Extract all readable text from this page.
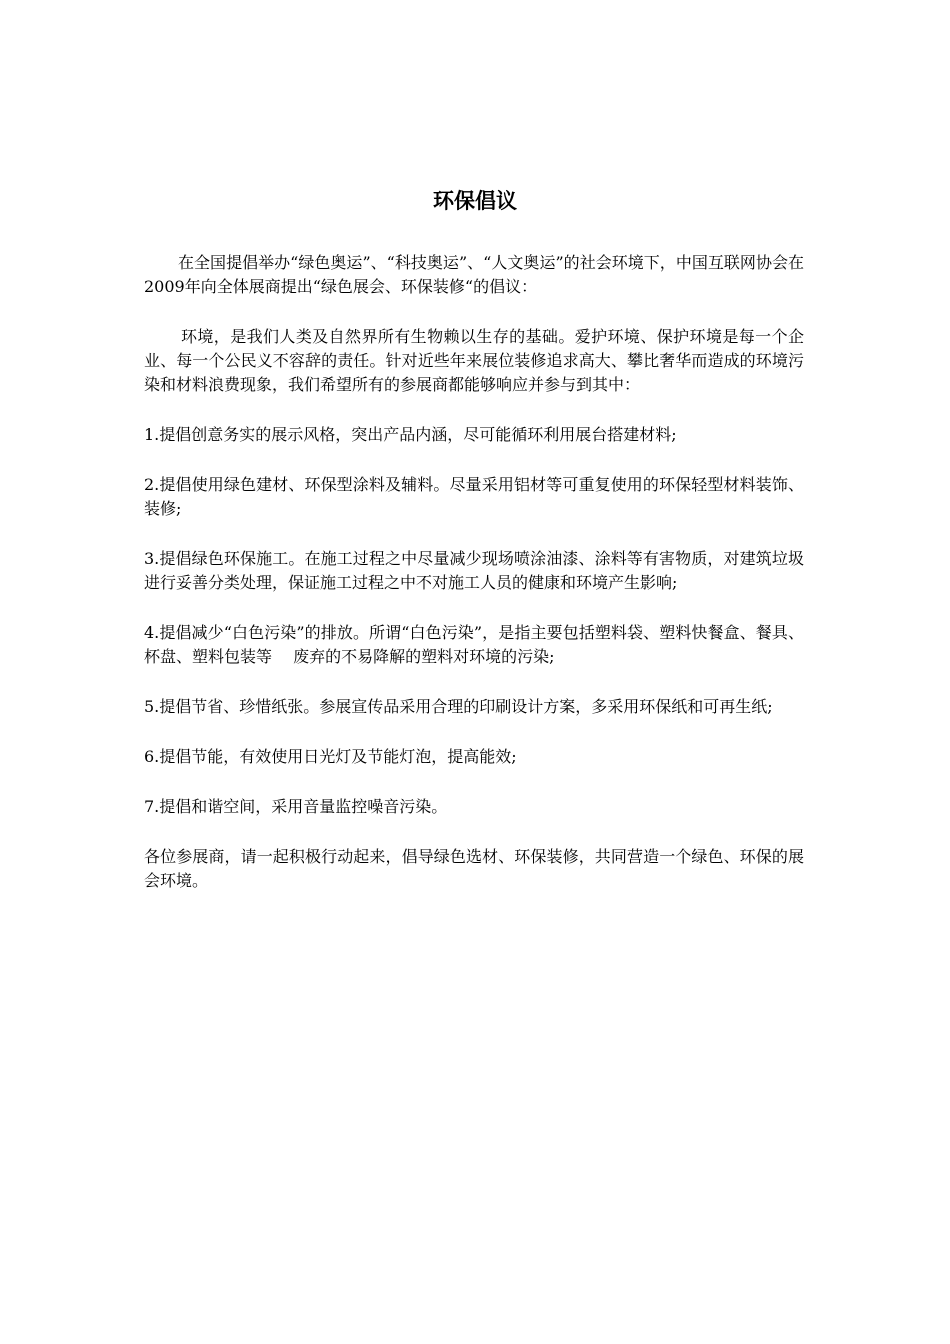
环保倡议

在全国提倡举办“绿色奥运”、“科技奥运”、“人文奥运”的社会环境下，中国互联网协会在2009年向全体展商提出“绿色展会、环保装修“的倡议：

环境，是我们人类及自然界所有生物赖以生存的基础。爱护环境、保护环境是每一个企业、每一个公民义不容辞的责任。针对近些年来展位装修追求高大、攀比奢华而造成的环境污染和材料浪费现象，我们希望所有的参展商都能够响应并参与到其中：

1.提倡创意务实的展示风格，突出产品内涵，尽可能循环利用展台搭建材料;

2.提倡使用绿色建材、环保型涂料及辅料。尽量采用铝材等可重复使用的环保轻型材料装饰、装修;

3.提倡绿色环保施工。在施工过程之中尽量减少现场喷涂油漆、涂料等有害物质，对建筑垃圾进行妥善分类处理，保证施工过程之中不对施工人员的健康和环境产生影响;

4.提倡减少“白色污染”的排放。所谓“白色污染”，是指主要包括塑料袋、塑料快餐盒、餐具、杯盘、塑料包装等　 废弃的不易降解的塑料对环境的污染;

5.提倡节省、珍惜纸张。参展宣传品采用合理的印刷设计方案，多采用环保纸和可再生纸;

6.提倡节能，有效使用日光灯及节能灯泡，提高能效;

7.提倡和谐空间，采用音量监控噪音污染。

各位参展商，请一起积极行动起来，倡导绿色选材、环保装修，共同营造一个绿色、环保的展会环境。
